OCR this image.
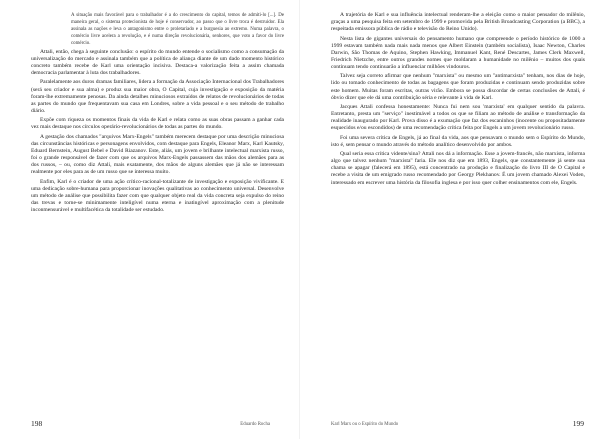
A situação mais favorável para o trabalhador é a do crescimento do capital, temos de admiti-lo [...]. De maneira geral, o sistema protecionista de hoje é conservador, ao passo que o livre troca é destruidor. Ela assinala as nações e leva o antagonismo entre o proletariado e a burguesia ao extremo. Numa palavra, o comércio livre acelera a revolução, e é numa direção revolucionária, senhores, que voto a favor do livre comércio.

Attali, então, chega à seguinte conclusão: o espírito do mundo entende o socialismo como a consumação da universalização do mercado e assinala também que a política de aliança diante de um dado momento histórico concreto também recebe de Karl uma orientação incisiva. Destaca-a valorização feita a assim chamada democracia parlamentar à luta dos trabalhadores.

Paralelamente aos duros dramas familiares, lidera a formação da Associação Internacional dos Trabalhadores (será seu criador e sua alma) e produz sua maior obra, O Capital, cuja investigação e exposição da matéria foram-lhe extremamente penosas. Da ainda detalhes minuciosos extraídos de relatos de revolucionários de todas as partes do mundo que frequentavam sua casa em Londres, sobre a vida pessoal e o seu método de trabalho diário.

Expõe com riqueza os momentos finais da vida de Karl e relata como as suas obras passam a ganhar cada vez mais destaque nos círculos operário-revolucionários de todas as partes do mundo.

A gestação dos chamados "arquivos Marx-Engels" também merecem destaque por uma descrição minuciosa das circunstâncias históricas e personagens envolvidos, com destaque para Engels, Eleanor Marx, Karl Kautsky, Eduard Bernstein, August Bebel e David Riazanov. Este, aliás, um jovem e brilhante intelectual marxista russo, foi o grande responsável de fazer com que os arquivos Marx-Engels passassem das mãos dos alemães para as dos russos, – ou, como diz Attali, mais exatamente, dos mãos de alguns alemães que já não se interessam realmente por eles para as de um russo que se interessa muito.

Enfim, Karl é o criador de uma ação crítico-racional-totalizante de investigação e exposição vivificante. E uma dedicação sobre-humana para proporcionar inovações qualitativas ao conhecimento universal. Desenvolve um método de análise que possibilita fazer com que qualquer objeto real da vida concreta seja expulso do reino das trevas e torne-se minimamente inteligível numa eterna e inatingível aproximação com a plenitude inconmensurável e multifacética da totalidade ser estudado.

198	Eduardo Rocha

A trajetória de Karl e sua influência intelectual renderam-lhe a eleição como o maior pensador do milênio, graças a uma pesquisa feita em setembro de 1999 e promovida pela British Broadcasting Corporation (a BBC), a respeitada emissora pública de rádio e televisão do Reino Unido).

Nesta lista de gigantes universais do pensamento humano que compreende o período histórico de 1000 a 1999 estavam também nada mais nada menos que Albert Einstein (também socialista), Isaac Newton, Charles Darwin, São Thomas de Aquino, Stephen Hawking, Immanuel Kant, René Descartes, James Clerk Maxwell, Friedrich Nietzche, entre outros grandes nomes que moldaram a humanidade no milênio – muitos dos quais continuam tendo continuarão a influenciar milhões vindouros.

Talvez seja correto afirmar que nenhum "marxista" ou mesmo um "antimarxista" tenham, nos dias de hoje, lido ou tomado conhecimento de todas as bagagens que foram produzidas e continuam sendo produzidas sobre este homem. Muitas foram escritas, outras virão. Embora se possa discordar de certas conclusões de Attali, é óbvio dizer que ele dá uma contribuição séria e relevante à vida de Karl.

Jacques Attali confessa honestamente: Nunca fui nem sou 'marxista' em qualquer sentido da palavra. Entretanto, presta um "serviço" inestimável a todos os que se filiam ao método de análise e transformação da realidade inaugurado por Karl. Prova disso é a exumação que faz dos escaninhos (inocente ou propositadamente esquecidos e/ou escondidos) de uma recomendação crítica feita por Engels a um jovem revolucionário russo.

Foi uma severa crítica de Engels, já ao final da vida, aos que pensavam o mundo sem o Espírito do Mundo, isto é, sem pensar o mundo através do método analítico desenvolvido por ambos.

Qual seria essa crítica vidente/sina? Attali nos dá a informação. Esse a jovem-francês, não marxista, informa algo que talvez nenhum "marxista" faria. Ele nos diz que em 1893, Engels, que constantemente já sente sua chama se apagar (falecerá em 1895), está concentrado na produção e finalização do livro III de O Capital e recebe a visita de um emigrado russo recomendado por Georgy Plekhanov. É um jovem chamado Alexei Voden, interessado em escrever uma história da filosofia inglesa e por isso quer colher ensinamentos com ele, Engels.

Karl Marx ou o Espírito do Mundo	199
